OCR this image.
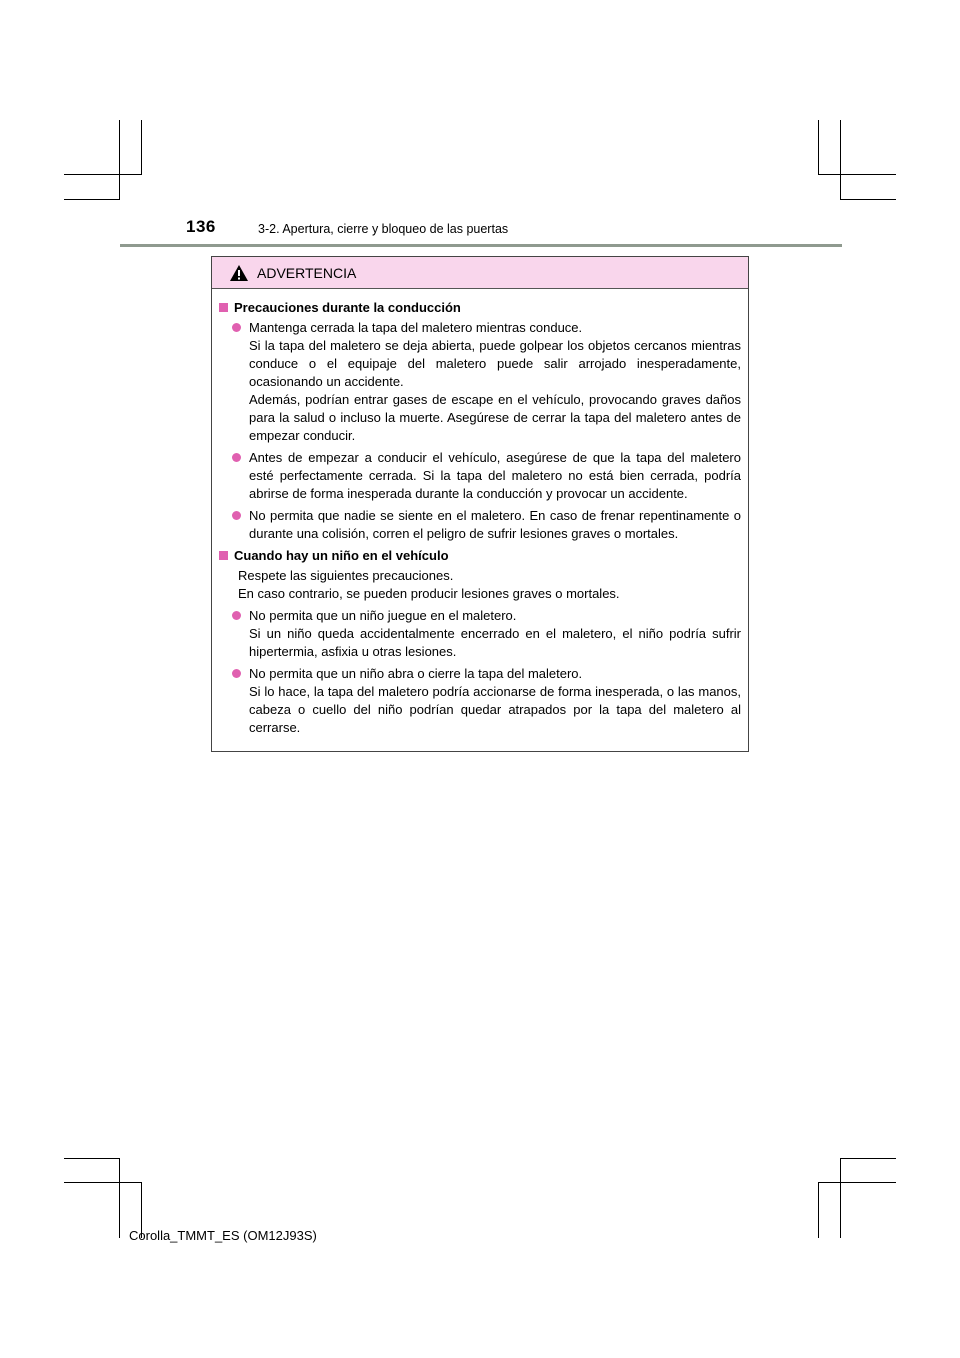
136	3-2. Apertura, cierre y bloqueo de las puertas
ADVERTENCIA
Precauciones durante la conducción

Mantenga cerrada la tapa del maletero mientras conduce.

Si la tapa del maletero se deja abierta, puede golpear los objetos cercanos mientras conduce o el equipaje del maletero puede salir arrojado inesperadamente, ocasionando un accidente.

Además, podrían entrar gases de escape en el vehículo, provocando graves daños para la salud o incluso la muerte. Asegúrese de cerrar la tapa del maletero antes de empezar conducir.

Antes de empezar a conducir el vehículo, asegúrese de que la tapa del maletero esté perfectamente cerrada. Si la tapa del maletero no está bien cerrada, podría abrirse de forma inesperada durante la conducción y provocar un accidente.

No permita que nadie se siente en el maletero. En caso de frenar repentinamente o durante una colisión, corren el peligro de sufrir lesiones graves o mortales.

Cuando hay un niño en el vehículo

Respete las siguientes precauciones.

En caso contrario, se pueden producir lesiones graves o mortales.

No permita que un niño juegue en el maletero.

Si un niño queda accidentalmente encerrado en el maletero, el niño podría sufrir hipertermia, asfixia u otras lesiones.

No permita que un niño abra o cierre la tapa del maletero.

Si lo hace, la tapa del maletero podría accionarse de forma inesperada, o las manos, cabeza o cuello del niño podrían quedar atrapados por la tapa del maletero al cerrarse.

Corolla_TMMT_ES (OM12J93S)
